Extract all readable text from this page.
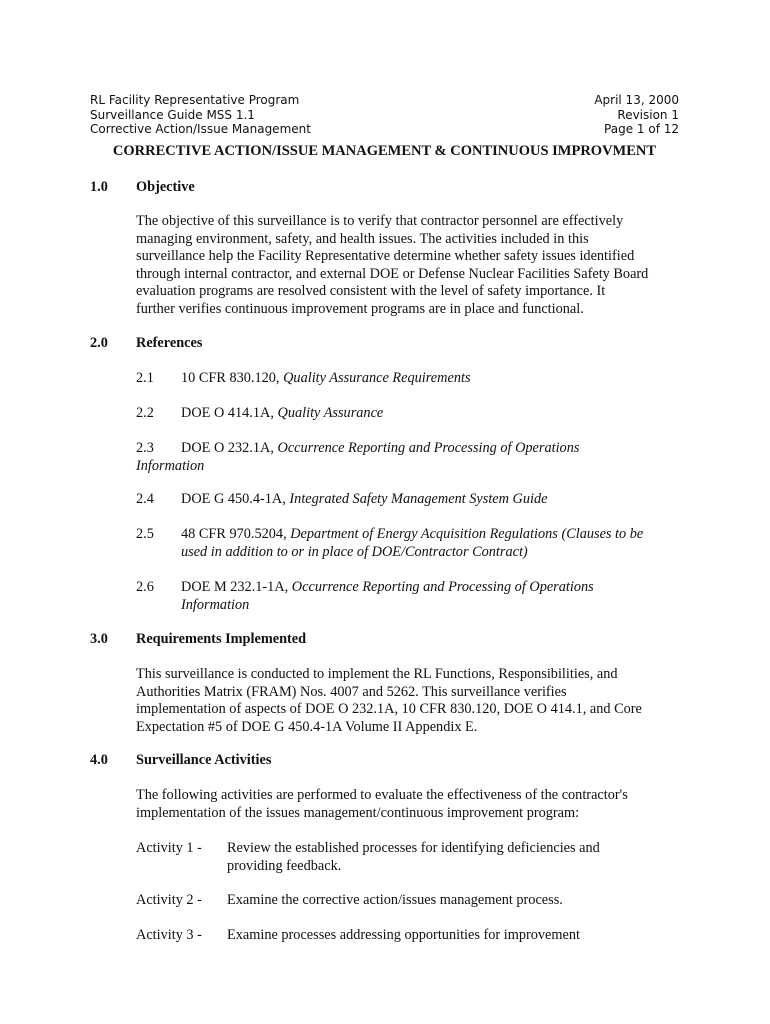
RL Facility Representative Program
Surveillance Guide MSS 1.1
Corrective Action/Issue Management
April 13, 2000
Revision 1
Page 1 of 12
CORRECTIVE ACTION/ISSUE MANAGEMENT & CONTINUOUS IMPROVMENT
1.0 Objective
The objective of this surveillance is to verify that contractor personnel are effectively
managing environment, safety, and health issues. The activities included in this
surveillance help the Facility Representative determine whether safety issues identified
through internal contractor, and external DOE or Defense Nuclear Facilities Safety Board
evaluation programs are resolved consistent with the level of safety importance. It
further verifies continuous improvement programs are in place and functional.
2.0 References
2.1 10 CFR 830.120, Quality Assurance Requirements
2.2 DOE O 414.1A, Quality Assurance
2.3 DOE O 232.1A, Occurrence Reporting and Processing of Operations
Information
2.4 DOE G 450.4-1A, Integrated Safety Management System Guide
2.5 48 CFR 970.5204, Department of Energy Acquisition Regulations (Clauses to be
used in addition to or in place of DOE/Contractor Contract)
2.6 DOE M 232.1-1A, Occurrence Reporting and Processing of Operations
Information
3.0 Requirements Implemented
This surveillance is conducted to implement the RL Functions, Responsibilities, and
Authorities Matrix (FRAM) Nos. 4007 and 5262. This surveillance verifies
implementation of aspects of DOE O 232.1A, 10 CFR 830.120, DOE O 414.1, and Core
Expectation #5 of DOE G 450.4-1A Volume II Appendix E.
4.0 Surveillance Activities
The following activities are performed to evaluate the effectiveness of the contractor's
implementation of the issues management/continuous improvement program:
Activity 1 - Review the established processes for identifying deficiencies and
providing feedback.
Activity 2 - Examine the corrective action/issues management process.
Activity 3 - Examine processes addressing opportunities for improvement
